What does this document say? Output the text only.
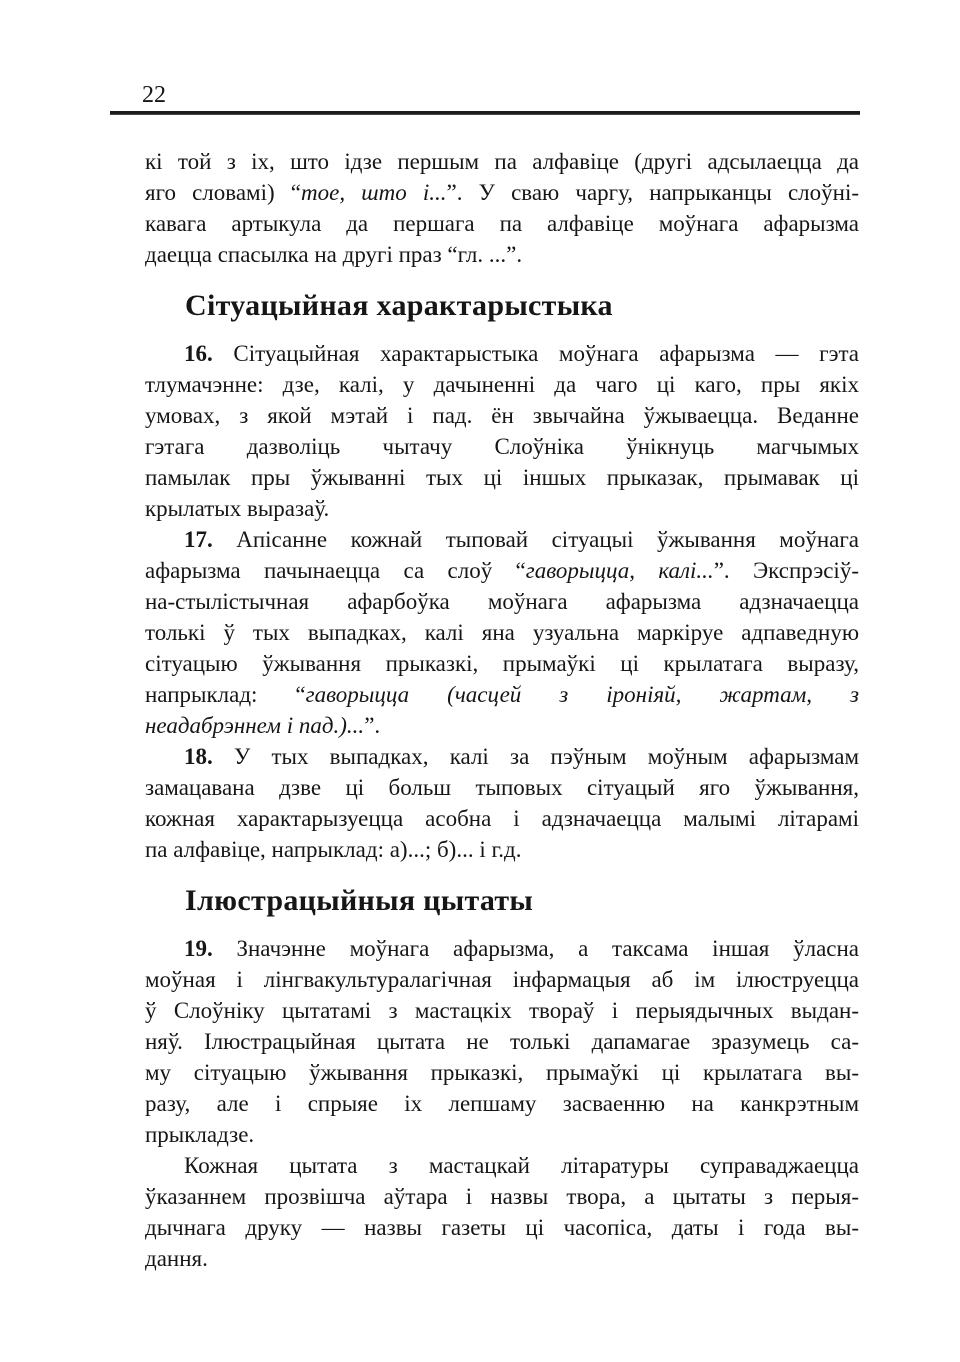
22

кі той з іх, што ідзе першым па алфавіце (другі адсылаецца да
яго словамі) “тое, што і...”. У сваю чаргу, напрыканцы слоўні-
кавага артыкула да першага па алфавіце моўнага афарызма
даецца спасылка на другі праз “гл. ...”.

Сітуацыйная характарыстыка

16. Сітуацыйная характарыстыка моўнага афарызма — гэта
тлумачэнне: дзе, калі, у дачыненні да чаго ці каго, пры якіх
умовах, з якой мэтай і пад. ён звычайна ўжываецца. Веданне
гэтага дазволіць чытачу Слоўніка ўнікнуць магчымых
памылак пры ўжыванні тых ці іншых прыказак, прымавак ці
крылатых выразаў.

17. Апісанне кожнай тыповай сітуацыі ўжывання моўнага
афарызма пачынаецца са слоў “гаворыцца, калі...”. Экспрэсіў-
на-стылістычная афарбоўка моўнага афарызма адзначаецца
толькі ў тых выпадках, калі яна узуальна маркіруе адпаведную
сітуацыю ўжывання прыказкі, прымаўкі ці крылатага выразу,
напрыклад: “гаворыцца (часцей з іроніяй, жартам, з
неадабрэннем і пад.)...”.

18. У тых выпадках, калі за пэўным моўным афарызмам
замацавана дзве ці больш тыповых сітуацый яго ўжывання,
кожная характарызуецца асобна і адзначаецца малымі літарамі
па алфавіце, напрыклад: а)...; б)... і г.д.

Ілюстрацыйныя цытаты

19. Значэнне моўнага афарызма, а таксама іншая ўласна
моўная і лінгвакультуралагічная інфармацыя аб ім ілюструецца
ў Слоўніку цытатамі з мастацкіх твораў і перыядычных выдан-
няў. Ілюстрацыйная цытата не толькі дапамагае зразумець са-
му сітуацыю ўжывання прыказкі, прымаўкі ці крылатага вы-
разу, але і спрыяе іх лепшаму засваенню на канкрэтным
прыкладзе.

Кожная цытата з мастацкай літаратуры суправаджаецца
ўказаннем прозвішча аўтара і назвы твора, а цытаты з перыя-
дычнага друку — назвы газеты ці часопіса, даты і года вы-
дання.
